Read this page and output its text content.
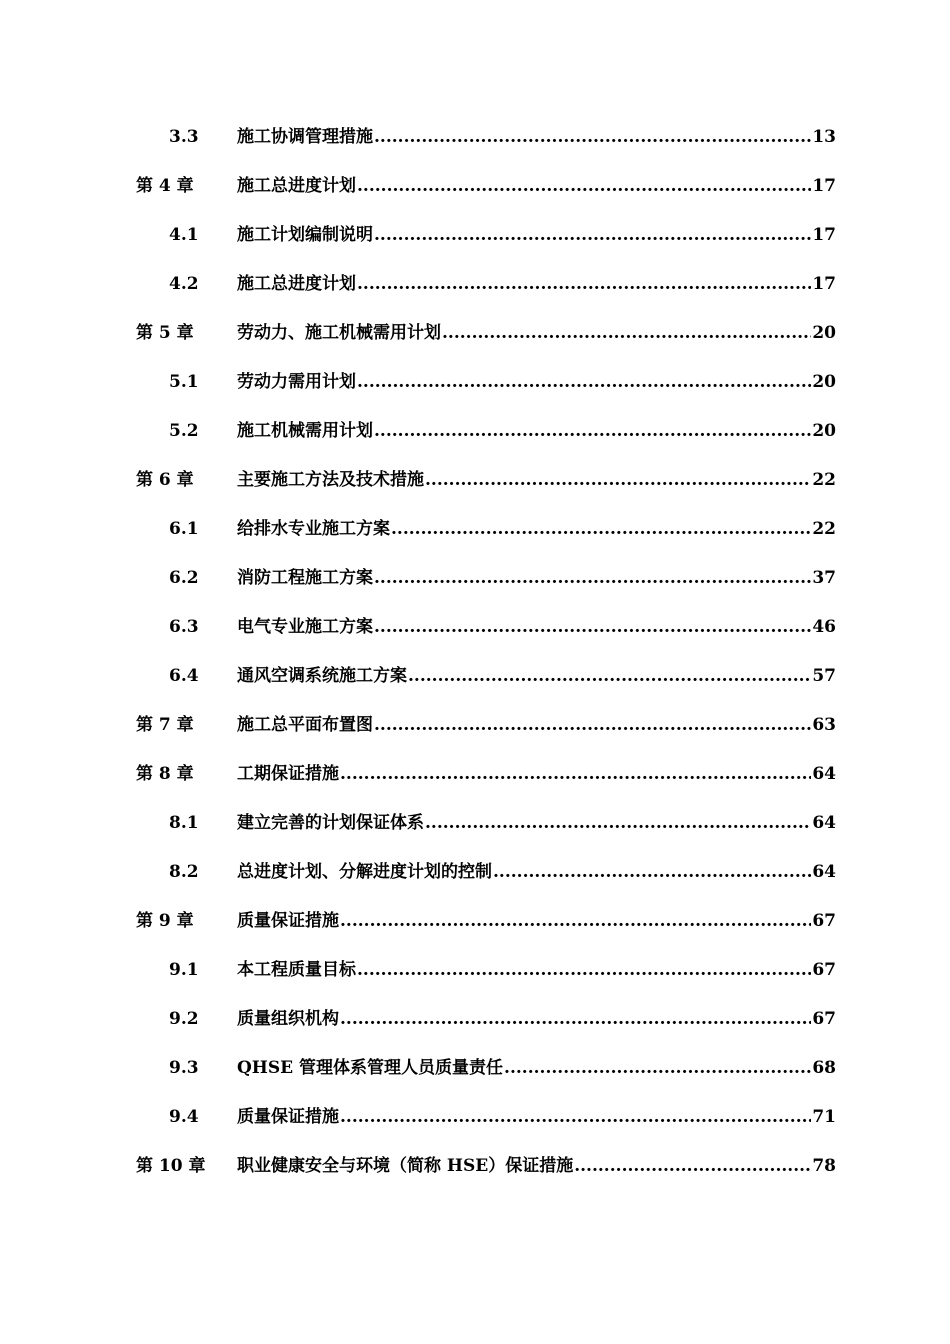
3.3 施工协调管理措施 .....	13
第 4 章	施工总进度计划 .....	17
4.1 施工计划编制说明 .....	17
4.2 施工总进度计划 .....	17
第 5 章	劳动力、施工机械需用计划 .....	20
5.1 劳动力需用计划 .....	20
5.2 施工机械需用计划 .....	20
第 6 章	主要施工方法及技术措施 .....	22
6.1 给排水专业施工方案 .....	22
6.2 消防工程施工方案 .....	37
6.3 电气专业施工方案 .....	46
6.4 通风空调系统施工方案 .....	57
第 7 章	施工总平面布置图 .....	63
第 8 章	工期保证措施 .....	64
8.1 建立完善的计划保证体系 .....	64
8.2 总进度计划、分解进度计划的控制 .....	64
第 9 章	质量保证措施 .....	67
9.1 本工程质量目标 .....	67
9.2 质量组织机构 .....	67
9.3 QHSE 管理体系管理人员质量责任 .....	68
9.4 质量保证措施 .....	71
第 10 章 职业健康安全与环境（简称 HSE）保证措施 .....	78
